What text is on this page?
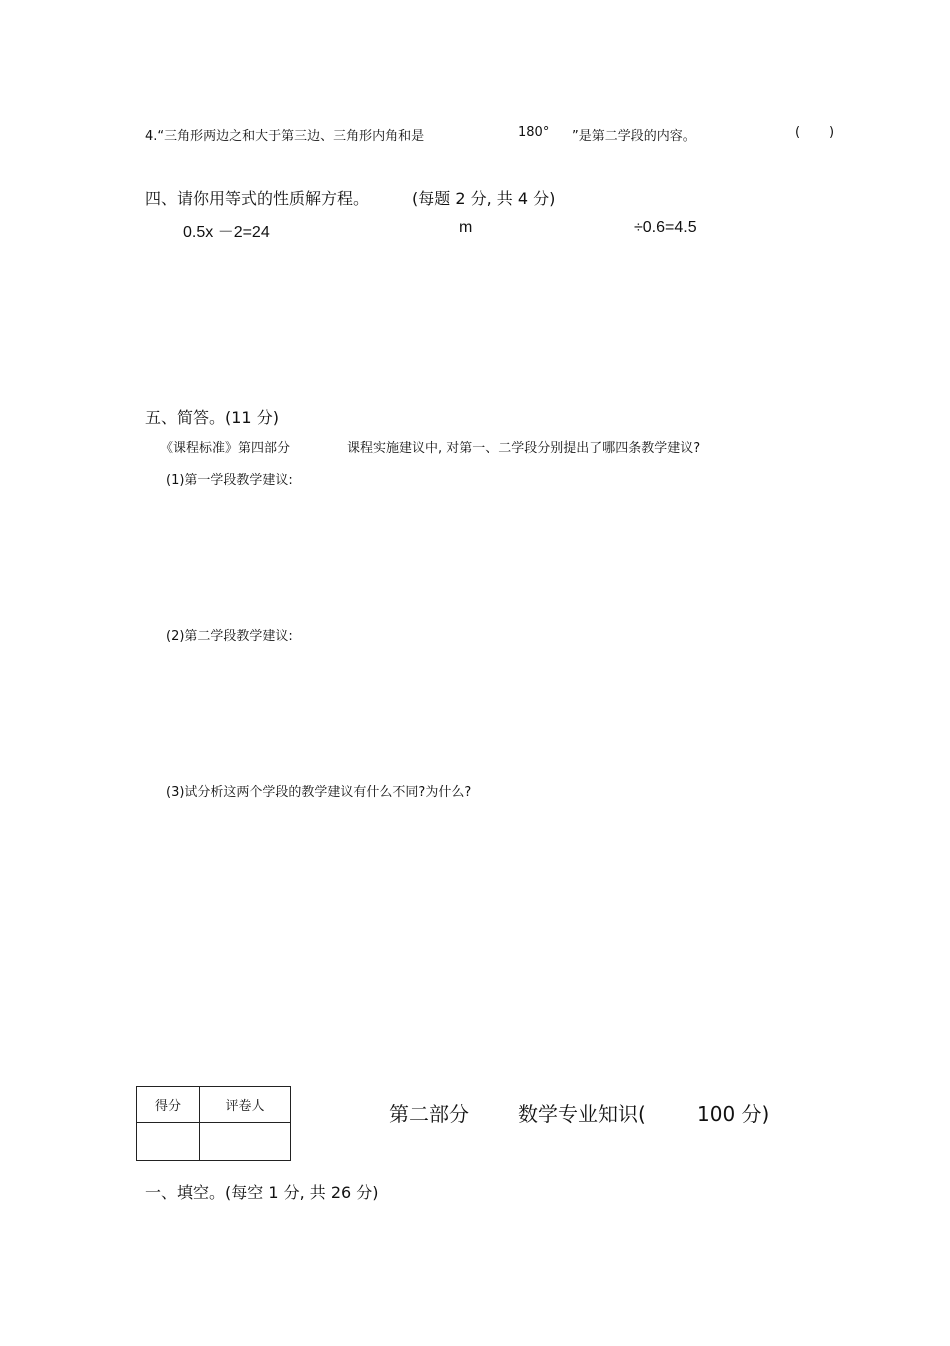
4.“三角形两边之和大于第三边、三角形内角和是	180° ”是第二学段的内容。	( )
四、请你用等式的性质解方程。	(每题 2 分, 共 4 分)
0.5x －2=24	m	÷0.6=4.5
五、简答。(11 分)
《课程标准》第四部分	课程实施建议中, 对第一、二学段分别提出了哪四条教学建议?
(1)第一学段教学建议:
(2)第二学段教学建议:
(3)试分析这两个学段的教学建议有什么不同?为什么?
得分	评卷人
		第二部分 数学专业知识(	100 分)
一、填空。(每空 1 分, 共 26 分)
